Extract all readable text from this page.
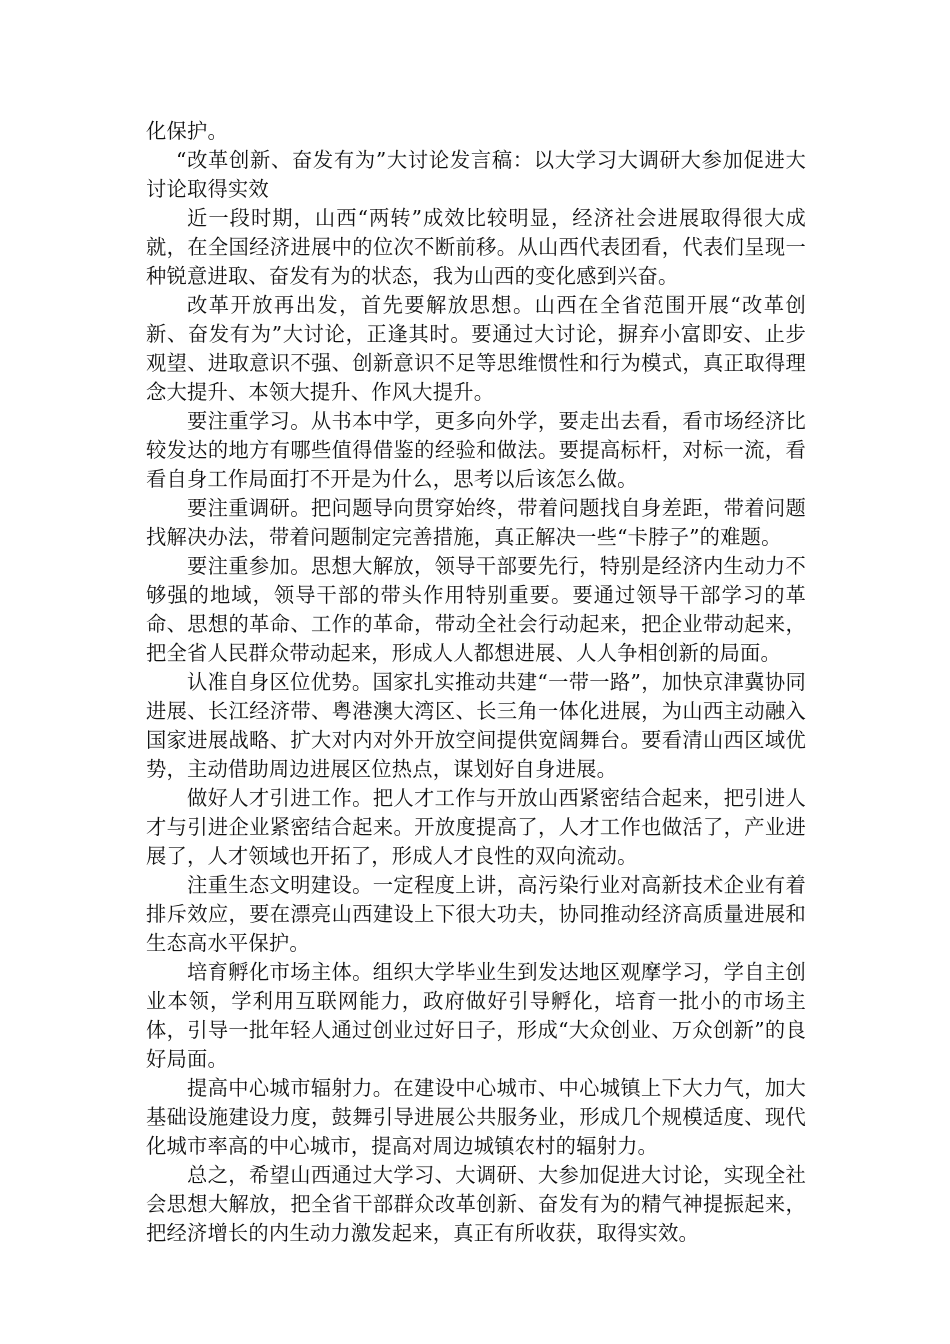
化保护。

“改革创新、奋发有为”大讨论发言稿：以大学习大调研大参加促进大讨论取得实效

近一段时期，山西“两转”成效比较明显，经济社会进展取得很大成就，在全国经济进展中的位次不断前移。从山西代表团看，代表们呈现一种锐意进取、奋发有为的状态，我为山西的变化感到兴奋。

改革开放再出发，首先要解放思想。山西在全省范围开展“改革创新、奋发有为”大讨论，正逢其时。要通过大讨论，摒弃小富即安、止步观望、进取意识不强、创新意识不足等思维惯性和行为模式，真正取得理念大提升、本领大提升、作风大提升。

要注重学习。从书本中学，更多向外学，要走出去看，看市场经济比较发达的地方有哪些值得借鉴的经验和做法。要提高标杆，对标一流，看看自身工作局面打不开是为什么，思考以后该怎么做。

要注重调研。把问题导向贯穿始终，带着问题找自身差距，带着问题找解决办法，带着问题制定完善措施，真正解决一些“卡脖子”的难题。

要注重参加。思想大解放，领导干部要先行，特别是经济内生动力不够强的地域，领导干部的带头作用特别重要。要通过领导干部学习的革命、思想的革命、工作的革命，带动全社会行动起来，把企业带动起来，把全省人民群众带动起来，形成人人都想进展、人人争相创新的局面。

认准自身区位优势。国家扎实推动共建“一带一路”，加快京津冀协同进展、长江经济带、粤港澳大湾区、长三角一体化进展，为山西主动融入国家进展战略、扩大对内对外开放空间提供宽阔舞台。要看清山西区域优势，主动借助周边进展区位热点，谋划好自身进展。

做好人才引进工作。把人才工作与开放山西紧密结合起来，把引进人才与引进企业紧密结合起来。开放度提高了，人才工作也做活了，产业进展了，人才领域也开拓了，形成人才良性的双向流动。

注重生态文明建设。一定程度上讲，高污染行业对高新技术企业有着排斥效应，要在漂亮山西建设上下很大功夫，协同推动经济高质量进展和生态高水平保护。

培育孵化市场主体。组织大学毕业生到发达地区观摩学习，学自主创业本领，学利用互联网能力，政府做好引导孵化，培育一批小的市场主体，引导一批年轻人通过创业过好日子，形成“大众创业、万众创新”的良好局面。

提高中心城市辐射力。在建设中心城市、中心城镇上下大力气，加大基础设施建设力度，鼓舞引导进展公共服务业，形成几个规模适度、现代化城市率高的中心城市，提高对周边城镇农村的辐射力。

总之，希望山西通过大学习、大调研、大参加促进大讨论，实现全社会思想大解放，把全省干部群众改革创新、奋发有为的精气神提振起来，把经济增长的内生动力激发起来，真正有所收获，取得实效。
